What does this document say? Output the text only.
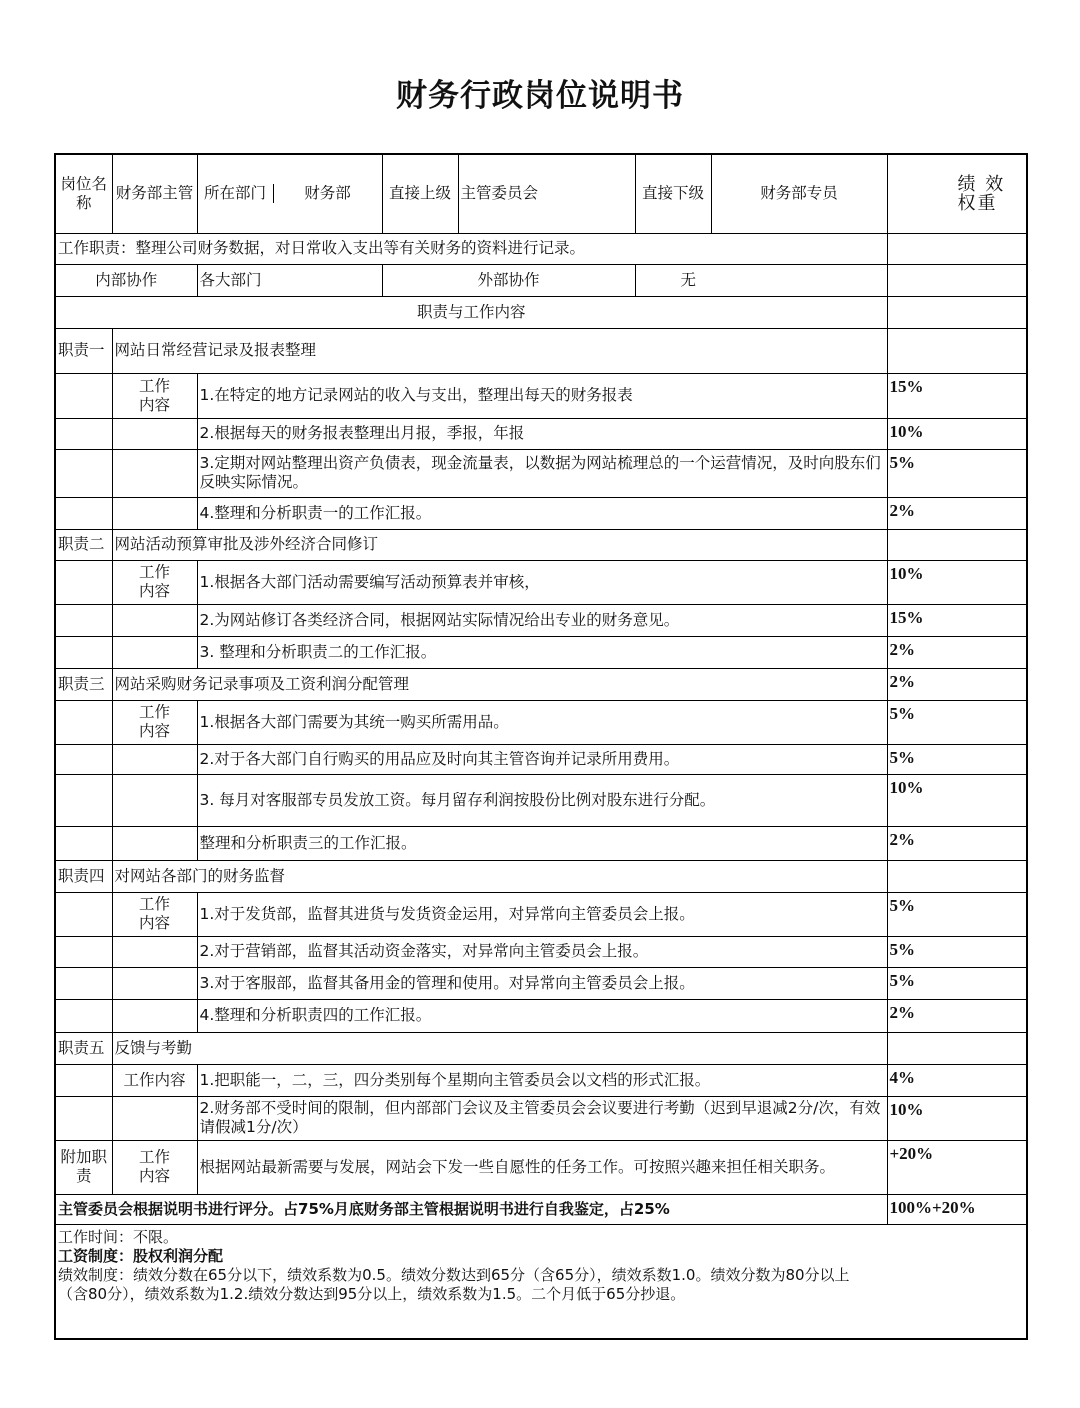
财务行政岗位说明书
岗位名称	财务部主管	所在部门 财务部	直接上级	主管委员会	直接下级	财务部专员	绩 效 权重
工作职责：整理公司财务数据，对日常收入支出等有关财务的资料进行记录。							
内部协作		各大部门	外部协作		无		
职责与工作内容							
职责一	网站日常经营记录及报表整理						
	工作内容	1.在特定的地方记录网站的收入与支出，整理出每天的财务报表					15%
		2.根据每天的财务报表整理出月报，季报，年报					10%
		3.定期对网站整理出资产负债表，现金流量表，以数据为网站梳理总的一个运营情况，及时向股东们反映实际情况。					5%
		4.整理和分析职责一的工作汇报。					2%
职责二	网站活动预算审批及涉外经济合同修订						
	工作内容	1.根据各大部门活动需要编写活动预算表并审核，					10%
		2.为网站修订各类经济合同，根据网站实际情况给出专业的财务意见。					15%
		3. 整理和分析职责二的工作汇报。					2%
职责三	网站采购财务记录事项及工资利润分配管理						2%
	工作内容	1.根据各大部门需要为其统一购买所需用品。					5%
		2.对于各大部门自行购买的用品应及时向其主管咨询并记录所用费用。					5%
		3. 每月对客服部专员发放工资。每月留存利润按股份比例对股东进行分配。					10%
		整理和分析职责三的工作汇报。					2%
职责四	对网站各部门的财务监督						
	工作内容	1.对于发货部，监督其进货与发货资金运用，对异常向主管委员会上报。					5%
		2.对于营销部，监督其活动资金落实，对异常向主管委员会上报。					5%
		3.对于客服部，监督其备用金的管理和使用。对异常向主管委员会上报。					5%
		4.整理和分析职责四的工作汇报。					2%
职责五	反馈与考勤						
	工作内容	1.把职能一，二，三，四分类别每个星期向主管委员会以文档的形式汇报。					4%
		2.财务部不受时间的限制，但内部部门会议及主管委员会会议要进行考勤（迟到早退减2分/次，有效请假减1分/次）					10%
附加职责	工作内容	根据网站最新需要与发展，网站会下发一些自愿性的任务工作。可按照兴趣来担任相关职务。					+20%
主管委员会根据说明书进行评分。占75%月底财务部主管根据说明书进行自我鉴定，占25%							100%+20%

工作时间：不限。
工资制度：股权利润分配
绩效制度：绩效分数在65分以下，绩效系数为0.5。绩效分数达到65分（含65分），绩效系数1.0。绩效分数为80分以上（含80分），绩效系数为1.2.绩效分数达到95分以上，绩效系数为1.5。二个月低于65分抄退。							
